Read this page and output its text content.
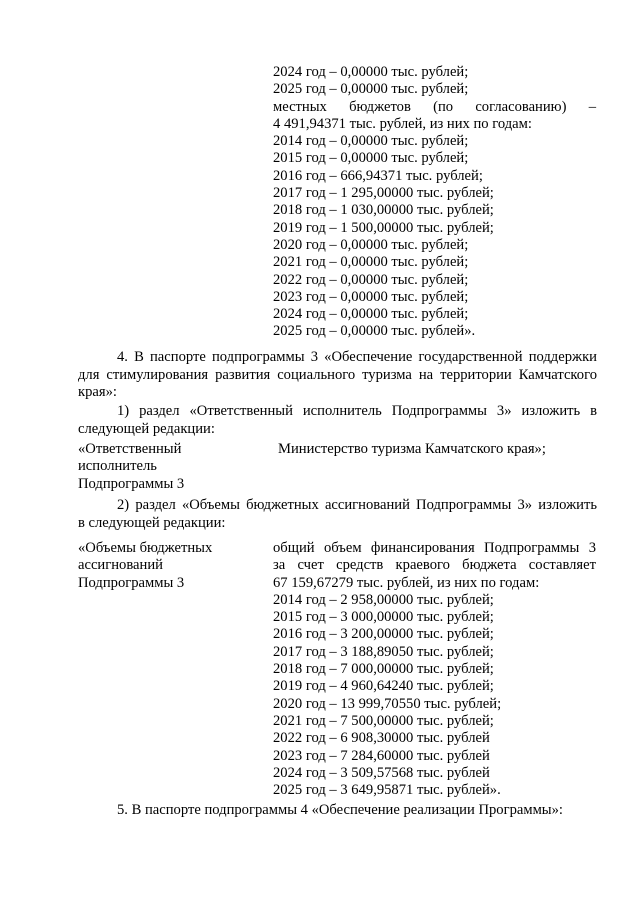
2024 год – 0,00000 тыс. рублей;
2025 год – 0,00000 тыс. рублей;
местных бюджетов (по согласованию) –
4 491,94371 тыс. рублей, из них по годам:
2014 год – 0,00000 тыс. рублей;
2015 год – 0,00000 тыс. рублей;
2016 год – 666,94371 тыс. рублей;
2017 год – 1 295,00000 тыс. рублей;
2018 год – 1 030,00000 тыс. рублей;
2019 год – 1 500,00000 тыс. рублей;
2020 год – 0,00000 тыс. рублей;
2021 год – 0,00000 тыс. рублей;
2022 год – 0,00000 тыс. рублей;
2023 год – 0,00000 тыс. рублей;
2024 год – 0,00000 тыс. рублей;
2025 год – 0,00000 тыс. рублей».
4. В паспорте подпрограммы 3 «Обеспечение государственной поддержки
для стимулирования развития социального туризма на территории Камчатского
края»:
1) раздел «Ответственный исполнитель Подпрограммы 3» изложить в
следующей редакции:
«Ответственный
исполнитель
Подпрограммы 3
Министерство туризма Камчатского края»;
2) раздел «Объемы бюджетных ассигнований Подпрограммы 3» изложить
в следующей редакции:
«Объемы бюджетных
ассигнований
Подпрограммы 3
общий объем финансирования Подпрограммы 3
за счет средств краевого бюджета составляет
67 159,67279 тыс. рублей, из них по годам:
2014 год – 2 958,00000 тыс. рублей;
2015 год – 3 000,00000 тыс. рублей;
2016 год – 3 200,00000 тыс. рублей;
2017 год – 3 188,89050 тыс. рублей;
2018 год – 7 000,00000 тыс. рублей;
2019 год – 4 960,64240 тыс. рублей;
2020 год – 13 999,70550 тыс. рублей;
2021 год – 7 500,00000 тыс. рублей;
2022 год – 6 908,30000 тыс. рублей
2023 год – 7 284,60000 тыс. рублей
2024 год – 3 509,57568 тыс. рублей
2025 год – 3 649,95871 тыс. рублей».
5. В паспорте подпрограммы 4 «Обеспечение реализации Программы»:
